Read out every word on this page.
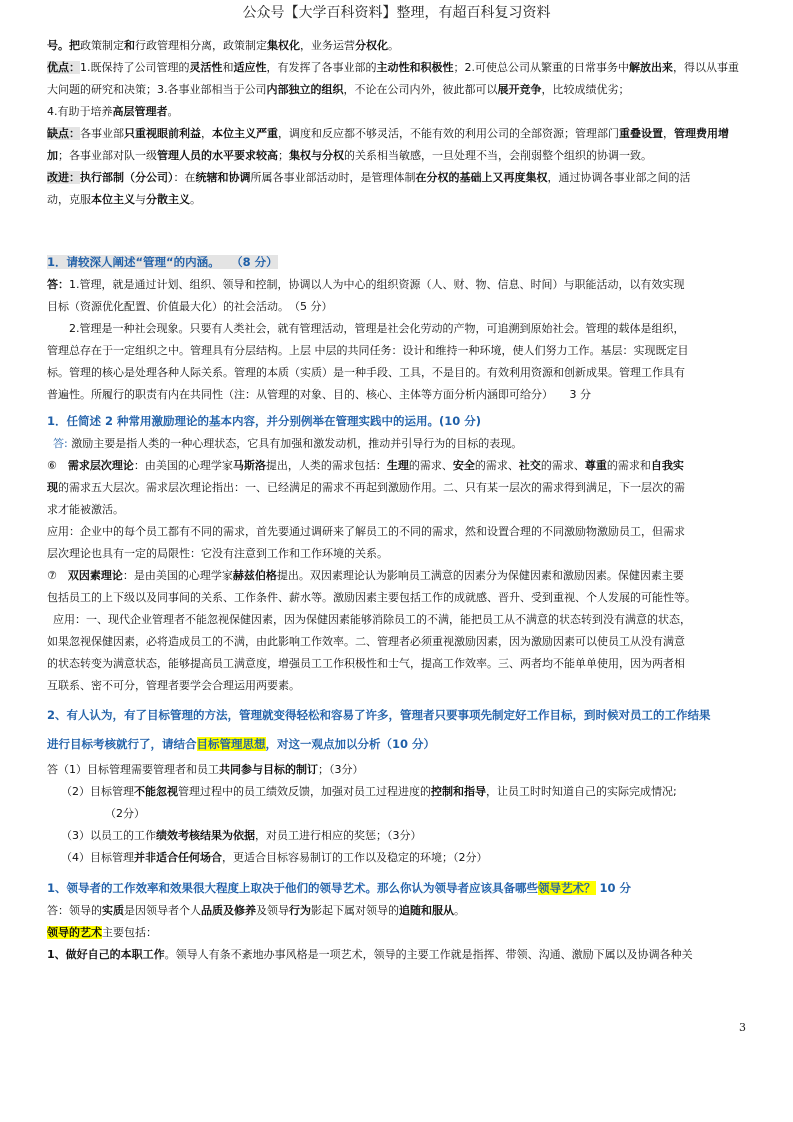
公众号【大学百科资料】整理，有超百科复习资料

号。把政策制定和行政管理相分离，政策制定集权化，业务运营分权化。

优点：1.既保持了公司管理的灵活性和适应性，有发挥了各事业部的主动性和积极性；2.可使总公司从繁重的日常事务中解放出来，得以从事重大问题的研究和决策；3.各事业部相当于公司内部独立的组织，不论在公司内外，彼此都可以展开竞争，比较成绩优劣；
4.有助于培养高层管理者。

缺点：各事业部只重视眼前利益，本位主义严重，调度和反应都不够灵活，不能有效的利用公司的全部资源；管理部门重叠设置，管理费用增加；各事业部对队一级管理人员的水平要求较高；集权与分权的关系相当敏感，一旦处理不当，会削弱整个组织的协调一致。

改进：执行部制（分公司）：在统辖和协调所属各事业部活动时，是管理体制在分权的基础上又再度集权，通过协调各事业部之间的活
动，克服本位主义与分散主义。

1．请较深人阐述“管理“的内涵。　　 （8 分）

答：1.管理，就是通过计划、组织、领导和控制，协调以人为中心的组织资源（人、财、物、信息、时间）与职能活动，以有效实现
目标（资源优化配置、价值最大化）的社会活动。　（5 分）

2.管理是一种社会现象。只要有人类社会，就有管理活动，管理是社会化劳动的产物，可追溯到原始社会。管理的载体是组织，

管理总存在于一定组织之中。管理具有分层结构。上层 中层的共同任务：设计和维持一种环境，使人们努力工作。基层：实现既定目
标。管理的核心是处理各种人际关系。管理的本质（实质）是一种手段、工具，不是目的。有效利用资源和创新成果。管理工作具有
普遍性。所履行的职责有内在共同性（注：从管理的对象、目的、核心、主体等方面分析内涵即可给分）　　3 分

1．任简述 2 种常用激励理论的基本内容，并分别例举在管理实践中的运用。(10 分)

答: 激励主要是指人类的一种心理状态，它具有加强和激发动机，推动并引导行为的目标的表现。

⑥　 需求层次理论：由美国的心理学家马斯洛提出，人类的需求包括：生理的需求、安全的需求、社交的需求、尊重的需求和自我实
现的需求五大层次。需求层次理论指出：一、已经满足的需求不再起到激励作用。二、只有某一层次的需求得到满足，下一层次的需
求才能被激活。

应用：企业中的每个员工都有不同的需求，首先要通过调研来了解员工的不同的需求，然和设置合理的不同激励物激励员工，但需求
层次理论也具有一定的局限性：它没有注意到工作和工作环境的关系。

⑦　 双因素理论：是由美国的心理学家赫兹伯格提出。双因素理论认为影响员工满意的因素分为保健因素和激励因素。保健因素主要
包括员工的上下级以及同事间的关系、工作条件、薪水等。激励因素主要包括工作的成就感、晋升、受到重视、个人发展的可能性等。

应用：一、现代企业管理者不能忽视保健因素，因为保健因素能够消除员工的不满，能把员工从不满意的状态转到没有满意的状态，

如果忽视保健因素，必将造成员工的不满，由此影响工作效率。二、管理者必须重视激励因素，因为激励因素可以使员工从没有满意
的状态转变为满意状态，能够提高员工满意度，增强员工工作积极性和士气，提高工作效率。三、两者均不能单单使用，因为两者相
互联系、密不可分，管理者要学会合理运用两要素。

2、有人认为，有了目标管理的方法，管理就变得轻松和容易了许多，管理者只要事项先制定好工作目标，到时候对员工的工作结果
进行目标考核就行了，请结合目标管理思想，对这一观点加以分析（10 分）

答（1）目标管理需要管理者和员工共同参与目标的制订；（3分）

（2）目标管理不能忽视管理过程中的员工绩效反馈，加强对员工过程进度的控制和指导，让员工时时知道自己的实际完成情况;

（2分）

（3）以员工的工作绩效考核结果为依据，对员工进行相应的奖惩；（3分）

（4）目标管理并非适合任何场合，更适合目标容易制订的工作以及稳定的环境；（2分）

1、领导者的工作效率和效果很大程度上取决于他们的领导艺术。那么你认为领导者应该具备哪些领导艺术？ 10 分

答：领导的实质是因领导者个人品质及修养及领导行为影起下属对领导的追随和服从。

领导的艺术主要包括：

1、做好自己的本职工作。领导人有条不紊地办事风格是一项艺术，领导的主要工作就是指挥、带领、沟通、激励下属以及协调各种关

3
